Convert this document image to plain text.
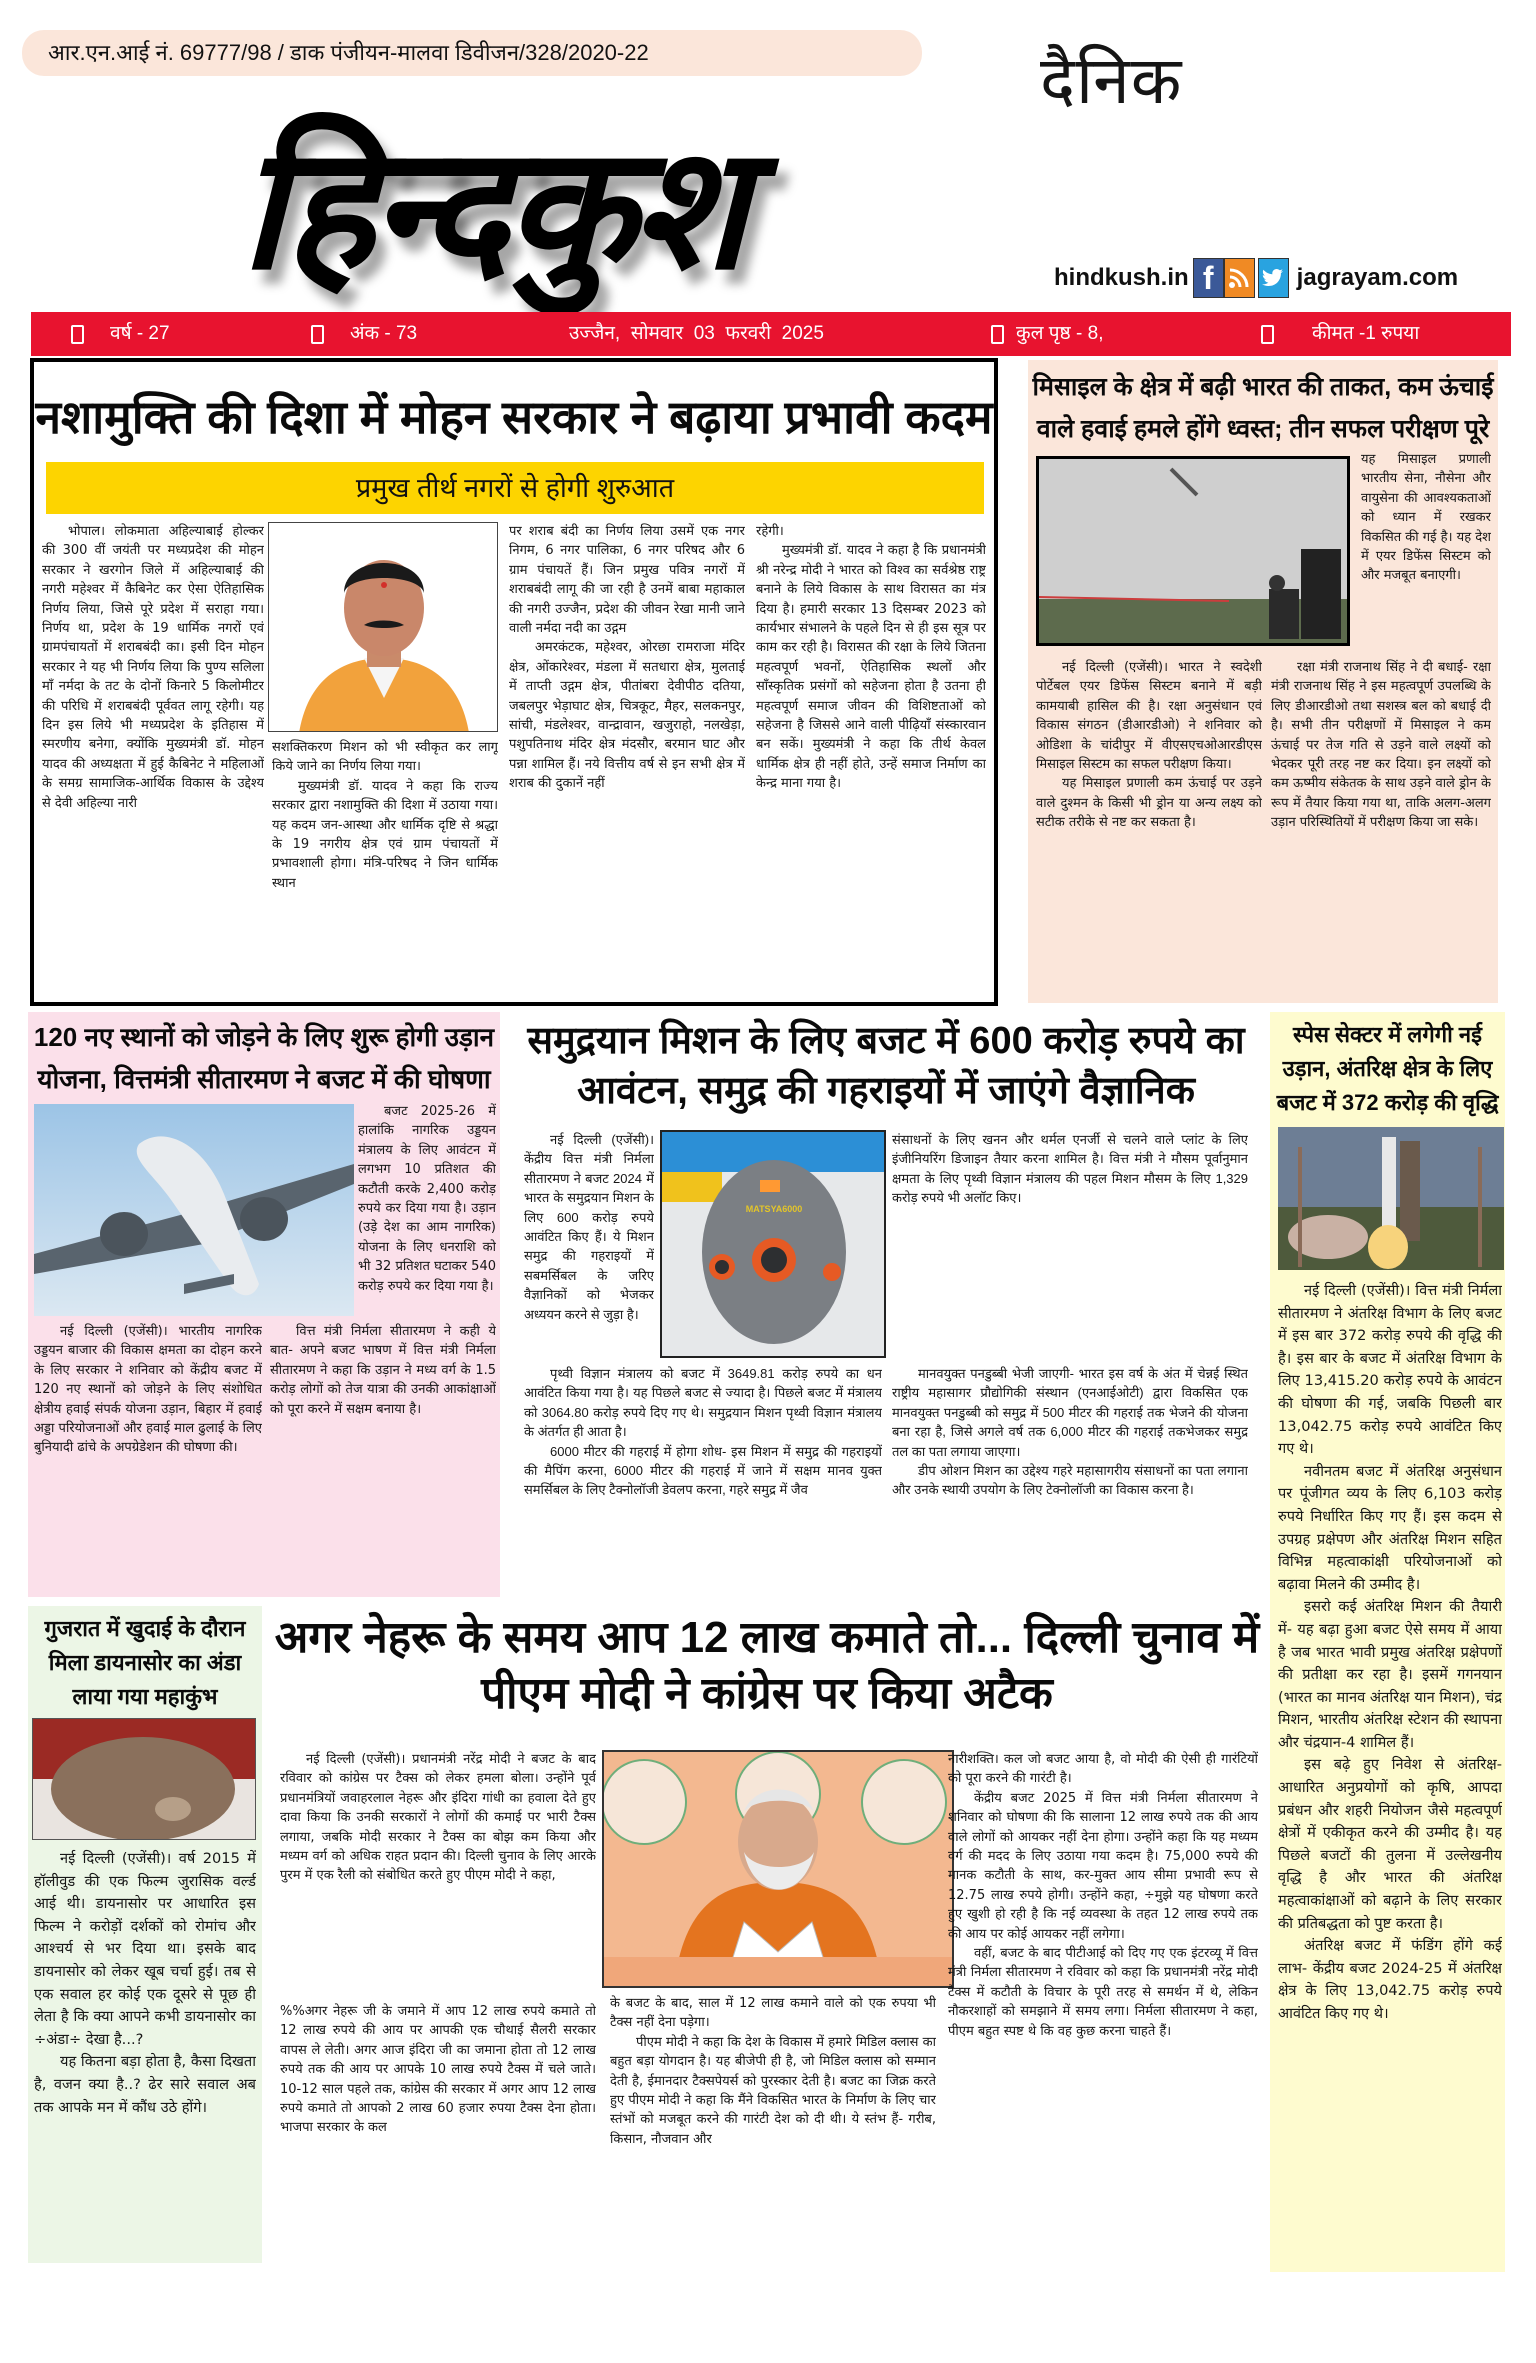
आर.एन.आई नं. 69777/98 / डाक पंजीयन-मालवा डिवीजन/328/2020-22	दैनिक
हिन्दकुश	hindkush.in f	jagrayam.com
वर्ष - 27	अंक - 73	उज्जैन,  सोमवार  03  फरवरी  2025	कुल पृष्ठ - 8,	कीमत -1 रुपया
नशामुक्ति की दिशा में मोहन सरकार ने बढ़ाया प्रभावी कदम
प्रमुख तीर्थ नगरों से होगी शुरुआत

भोपाल। लोकमाता अहिल्याबाई होल्कर की 300 वीं जयंती पर मध्यप्रदेश की मोहन सरकार ने खरगोन जिले में अहिल्याबाई की नगरी महेश्वर में कैबिनेट कर ऐसा ऐतिहासिक निर्णय लिया, जिसे पूरे प्रदेश में सराहा गया। निर्णय था, प्रदेश के 19 धार्मिक नगरों एवं ग्रामपंचायतों में शराबबंदी का। इसी दिन मोहन सरकार ने यह भी निर्णय लिया कि पुण्य सलिला माँ नर्मदा के तट के दोनों किनारे 5 किलोमीटर की परिधि में शराबबंदी पूर्ववत लागू रहेगी। यह दिन इस लिये भी मध्यप्रदेश के इतिहास में स्मरणीय बनेगा, क्योंकि मुख्यमंत्री डॉ. मोहन यादव की अध्यक्षता में हुई कैबिनेट ने महिलाओं के समग्र सामाजिक-आर्थिक विकास के उद्देश्य से देवी अहिल्या नारी

सशक्तिकरण मिशन को भी स्वीकृत कर लागू किये जाने का निर्णय लिया गया।

मुख्यमंत्री डॉ. यादव ने कहा कि राज्य सरकार द्वारा नशामुक्ति की दिशा में उठाया गया। यह कदम जन-आस्था और धार्मिक दृष्टि से श्रद्धा के 19 नगरीय क्षेत्र एवं ग्राम पंचायतों में प्रभावशाली होगा। मंत्रि-परिषद ने जिन धार्मिक स्थान

पर शराब बंदी का निर्णय लिया उसमें एक नगर निगम, 6 नगर पालिका, 6 नगर परिषद और 6 ग्राम पंचायतें हैं। जिन प्रमुख पवित्र नगरों में शराबबंदी लागू की जा रही है उनमें बाबा महाकाल की नगरी उज्जैन, प्रदेश की जीवन रेखा मानी जाने वाली नर्मदा नदी का उद्गम

अमरकंटक, महेश्वर, ओरछा रामराजा मंदिर क्षेत्र, ओंकारेश्वर, मंडला में सतधारा क्षेत्र, मुलताई में ताप्ती उद्गम क्षेत्र, पीतांबरा देवीपीठ दतिया, जबलपुर भेड़ाघाट क्षेत्र, चित्रकूट, मैहर, सलकनपुर, सांची, मंडलेश्वर, वान्द्रावान, खजुराहो, नलखेड़ा, पशुपतिनाथ मंदिर क्षेत्र मंदसौर, बरमान घाट और पन्ना शामिल हैं। नये वित्तीय वर्ष से इन सभी क्षेत्र में शराब की दुकानें नहीं

रहेगी।

मुख्यमंत्री डॉ. यादव ने कहा है कि प्रधानमंत्री श्री नरेन्द्र मोदी ने भारत को विश्व का सर्वश्रेष्ठ राष्ट्र बनाने के लिये विकास के साथ विरासत का मंत्र दिया है। हमारी सरकार 13 दिसम्बर 2023 को कार्यभार संभालने के पहले दिन से ही इस सूत्र पर काम कर रही है। विरासत की रक्षा के लिये जितना महत्वपूर्ण भवनों, ऐतिहासिक स्थलों और साँस्कृतिक प्रसंगों को सहेजना होता है उतना ही महत्वपूर्ण समाज जीवन की विशिष्टताओं को सहेजना है जिससे आने वाली पीढ़ियाँ संस्कारवान बन सकें। मुख्यमंत्री ने कहा कि तीर्थ केवल धार्मिक क्षेत्र ही नहीं होते, उन्हें समाज निर्माण का केन्द्र माना गया है।

मिसाइल के क्षेत्र में बढ़ी भारत की ताकत, कम ऊंचाई वाले हवाई हमले होंगे ध्वस्त; तीन सफल परीक्षण पूरे

यह मिसाइल प्रणाली भारतीय सेना, नौसेना और वायुसेना की आवश्यकताओं को ध्यान में रखकर विकसित की गई है। यह देश में एयर डिफेंस सिस्टम को और मजबूत बनाएगी।

नई दिल्ली (एजेंसी)। भारत ने स्वदेशी पोर्टेबल एयर डिफेंस सिस्टम बनाने में बड़ी कामयाबी हासिल की है। रक्षा अनुसंधान एवं विकास संगठन (डीआरडीओ) ने शनिवार को ओडिशा के चांदीपुर में वीएसएचओआरडीएस मिसाइल सिस्टम का सफल परीक्षण किया।

यह मिसाइल प्रणाली कम ऊंचाई पर उड़ने वाले दुश्मन के किसी भी ड्रोन या अन्य लक्ष्य को सटीक तरीके से नष्ट कर सकता है।

रक्षा मंत्री राजनाथ सिंह ने दी बधाई- रक्षा मंत्री राजनाथ सिंह ने इस महत्वपूर्ण उपलब्धि के लिए डीआरडीओ तथा सशस्त्र बल को बधाई दी है। सभी तीन परीक्षणों में मिसाइल ने कम ऊंचाई पर तेज गति से उड़ने वाले लक्ष्यों को भेदकर पूरी तरह नष्ट कर दिया। इन लक्ष्यों को कम ऊष्मीय संकेतक के साथ उड़ने वाले ड्रोन के रूप में तैयार किया गया था, ताकि अलग-अलग उड़ान परिस्थितियों में परीक्षण किया जा सके।

120 नए स्थानों को जोड़ने के लिए शुरू होगी उड़ान योजना, वित्तमंत्री सीतारमण ने बजट में की घोषणा

बजट 2025-26 में हालांकि नागरिक उड्डयन मंत्रालय के लिए आवंटन में लगभग 10 प्रतिशत की कटौती करके 2,400 करोड़ रुपये कर दिया गया है। उड़ान (उड़े देश का आम नागरिक) योजना के लिए धनराशि को भी 32 प्रतिशत घटाकर 540 करोड़ रुपये कर दिया गया है।

नई दिल्ली (एजेंसी)। भारतीय नागरिक उड्डयन बाजार की विकास क्षमता का दोहन करने के लिए सरकार ने शनिवार को केंद्रीय बजट में 120 नए स्थानों को जोड़ने के लिए संशोधित क्षेत्रीय हवाई संपर्क योजना उड़ान, बिहार में हवाई अड्डा परियोजनाओं और हवाई माल ढुलाई के लिए बुनियादी ढांचे के अपग्रेडेशन की घोषणा की।

वित्त मंत्री निर्मला सीतारमण ने कही ये बात- अपने बजट भाषण में वित्त मंत्री निर्मला सीतारमण ने कहा कि उड़ान ने मध्य वर्ग के 1.5 करोड़ लोगों को तेज यात्रा की उनकी आकांक्षाओं को पूरा करने में सक्षम बनाया है।

समुद्रयान मिशन के लिए बजट में 600 करोड़ रुपये का आवंटन, समुद्र की गहराइयों में जाएंगे वैज्ञानिक

नई दिल्ली (एजेंसी)। केंद्रीय वित्त मंत्री निर्मला सीतारमण ने बजट 2024 में भारत के समुद्रयान मिशन के लिए 600 करोड़ रुपये आवंटित किए हैं। ये मिशन समुद्र की गहराइयों में सबमर्सिबल के जरिए वैज्ञानिकों को भेजकर अध्ययन करने से जुड़ा है।

MATSYA6000

संसाधनों के लिए खनन और थर्मल एनर्जी से चलने वाले प्लांट के लिए इंजीनियरिंग डिजाइन तैयार करना शामिल है। वित्त मंत्री ने मौसम पूर्वानुमान क्षमता के लिए पृथ्वी विज्ञान मंत्रालय की पहल मिशन मौसम के लिए 1,329 करोड़ रुपये भी अलॉट किए।

पृथ्वी विज्ञान मंत्रालय को बजट में 3649.81 करोड़ रुपये का धन आवंटित किया गया है। यह पिछले बजट से ज्यादा है। पिछले बजट में मंत्रालय को 3064.80 करोड़ रुपये दिए गए थे। समुद्रयान मिशन पृथ्वी विज्ञान मंत्रालय के अंतर्गत ही आता है।

6000 मीटर की गहराई में होगा शोध- इस मिशन में समुद्र की गहराइयों की मैपिंग करना, 6000 मीटर की गहराई में जाने में सक्षम मानव युक्त समर्सिबल के लिए टैक्नोलॉजी डेवलप करना, गहरे समुद्र में जैव

मानवयुक्त पनडुब्बी भेजी जाएगी- भारत इस वर्ष के अंत में चेन्नई स्थित राष्ट्रीय महासागर प्रौद्योगिकी संस्थान (एनआईओटी) द्वारा विकसित एक मानवयुक्त पनडुब्बी को समुद्र में 500 मीटर की गहराई तक भेजने की योजना बना रहा है, जिसे अगले वर्ष तक 6,000 मीटर की गहराई तकभेजकर समुद्र तल का पता लगाया जाएगा।

डीप ओशन मिशन का उद्देश्य गहरे महासागरीय संसाधनों का पता लगाना और उनके स्थायी उपयोग के लिए टेक्नोलॉजी का विकास करना है।

स्पेस सेक्टर में लगेगी नई उड़ान, अंतरिक्ष क्षेत्र के लिए बजट में 372 करोड़ की वृद्धि

नई दिल्ली (एजेंसी)। वित्त मंत्री निर्मला सीतारमण ने अंतरिक्ष विभाग के लिए बजट में इस बार 372 करोड़ रुपये की वृद्धि की है। इस बार के बजट में अंतरिक्ष विभाग के लिए 13,415.20 करोड़ रुपये के आवंटन की घोषणा की गई, जबकि पिछली बार 13,042.75 करोड़ रुपये आवंटित किए गए थे।

नवीनतम बजट में अंतरिक्ष अनुसंधान पर पूंजीगत व्यय के लिए 6,103 करोड़ रुपये निर्धारित किए गए हैं। इस कदम से उपग्रह प्रक्षेपण और अंतरिक्ष मिशन सहित विभिन्न महत्वाकांक्षी परियोजनाओं को बढ़ावा मिलने की उम्मीद है।

इसरो कई अंतरिक्ष मिशन की तैयारी में- यह बढ़ा हुआ बजट ऐसे समय में आया है जब भारत भावी प्रमुख अंतरिक्ष प्रक्षेपणों की प्रतीक्षा कर रहा है। इसमें गगनयान (भारत का मानव अंतरिक्ष यान मिशन), चंद्र मिशन, भारतीय अंतरिक्ष स्टेशन की स्थापना और चंद्रयान-4 शामिल हैं।

इस बढ़े हुए निवेश से अंतरिक्ष-आधारित अनुप्रयोगों को कृषि, आपदा प्रबंधन और शहरी नियोजन जैसे महत्वपूर्ण क्षेत्रों में एकीकृत करने की उम्मीद है। यह पिछले बजटों की तुलना में उल्लेखनीय वृद्धि है और भारत की अंतरिक्ष महत्वाकांक्षाओं को बढ़ाने के लिए सरकार की प्रतिबद्धता को पुष्ट करता है।

अंतरिक्ष बजट में फंडिंग होंगे कई लाभ- केंद्रीय बजट 2024-25 में अंतरिक्ष क्षेत्र के लिए 13,042.75 करोड़ रुपये आवंटित किए गए थे।

गुजरात में खुदाई के दौरान मिला डायनासोर का अंडा लाया गया महाकुंभ

नई दिल्ली (एजेंसी)। वर्ष 2015 में हॉलीवुड की एक फिल्म जुरासिक वर्ल्ड आई थी। डायनासोर पर आधारित इस फिल्म ने करोड़ों दर्शकों को रोमांच और आश्चर्य से भर दिया था। इसके बाद डायनासोर को लेकर खूब चर्चा हुई। तब से एक सवाल हर कोई एक दूसरे से पूछ ही लेता है कि क्या आपने कभी डायनासोर का ÷अंडा÷ देखा है...?

यह कितना बड़ा होता है, कैसा दिखता है, वजन क्या है..? ढेर सारे सवाल अब तक आपके मन में कौंध उठे होंगे।

अगर नेहरू के समय आप 12 लाख कमाते तो... दिल्ली चुनाव में पीएम मोदी ने कांग्रेस पर किया अटैक

नई दिल्ली (एजेंसी)। प्रधानमंत्री नरेंद्र मोदी ने बजट के बाद रविवार को कांग्रेस पर टैक्स को लेकर हमला बोला। उन्होंने पूर्व प्रधानमंत्रियों जवाहरलाल नेहरू और इंदिरा गांधी का हवाला देते हुए दावा किया कि उनकी सरकारों ने लोगों की कमाई पर भारी टैक्स लगाया, जबकि मोदी सरकार ने टैक्स का बोझ कम किया और मध्यम वर्ग को अधिक राहत प्रदान की। दिल्ली चुनाव के लिए आरके पुरम में एक रैली को संबोधित करते हुए पीएम मोदी ने कहा,

%%अगर नेहरू जी के जमाने में आप 12 लाख रुपये कमाते तो 12 लाख रुपये की आय पर आपकी एक चौथाई सैलरी सरकार वापस ले लेती। अगर आज इंदिरा जी का जमाना होता तो 12 लाख रुपये तक की आय पर आपके 10 लाख रुपये टैक्स में चले जाते। 10-12 साल पहले तक, कांग्रेस की सरकार में अगर आप 12 लाख रुपये कमाते तो आपको 2 लाख 60 हजार रुपया टैक्स देना होता। भाजपा सरकार के कल

के बजट के बाद, साल में 12 लाख कमाने वाले को एक रुपया भी टैक्स नहीं देना पड़ेगा।

पीएम मोदी ने कहा कि देश के विकास में हमारे मिडिल क्लास का बहुत बड़ा योगदान है। यह बीजेपी ही है, जो मिडिल क्लास को सम्मान देती है, ईमानदार टैक्सपेयर्स को पुरस्कार देती है। बजट का जिक्र करते हुए पीएम मोदी ने कहा कि मैंने विकसित भारत के निर्माण के लिए चार स्तंभों को मजबूत करने की गारंटी देश को दी थी। ये स्तंभ हैं- गरीब, किसान, नौजवान और

नारीशक्ति। कल जो बजट आया है, वो मोदी की ऐसी ही गारंटियों को पूरा करने की गारंटी है।

केंद्रीय बजट 2025 में वित्त मंत्री निर्मला सीतारमण ने शनिवार को घोषणा की कि सालाना 12 लाख रुपये तक की आय वाले लोगों को आयकर नहीं देना होगा। उन्होंने कहा कि यह मध्यम वर्ग की मदद के लिए उठाया गया कदम है। 75,000 रुपये की मानक कटौती के साथ, कर-मुक्त आय सीमा प्रभावी रूप से 12.75 लाख रुपये होगी। उन्होंने कहा, ÷मुझे यह घोषणा करते हुए खुशी हो रही है कि नई व्यवस्था के तहत 12 लाख रुपये तक की आय पर कोई आयकर नहीं लगेगा।

वहीं, बजट के बाद पीटीआई को दिए गए एक इंटरव्यू में वित्त मंत्री निर्मला सीतारमण ने रविवार को कहा कि प्रधानमंत्री नरेंद्र मोदी टैक्स में कटौती के विचार के पूरी तरह से समर्थन में थे, लेकिन नौकरशाहों को समझाने में समय लगा। निर्मला सीतारमण ने कहा, पीएम बहुत स्पष्ट थे कि वह कुछ करना चाहते हैं।
